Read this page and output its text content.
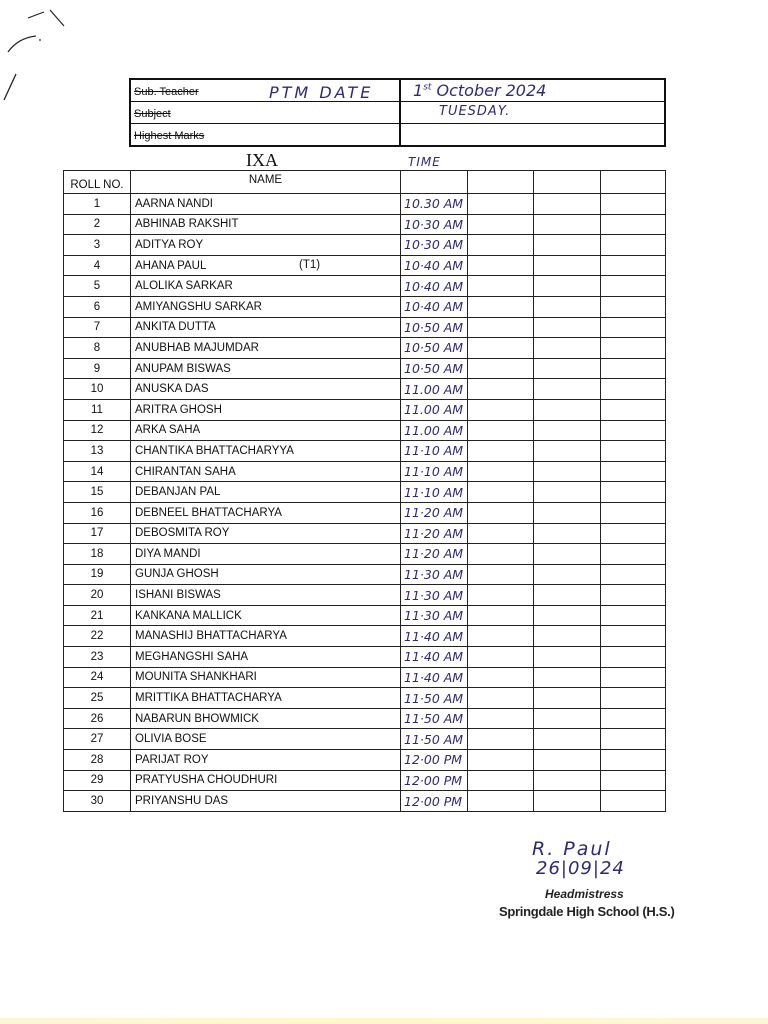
Sub. Teacher	PTM DATE 1st October 2024
Subject	TUESDAY.
Highest Marks
IXA	TIME
ROLL NO.	NAME				
1	AARNA NANDI	10.30 AM			
2	ABHINAB RAKSHIT	10·30 AM			
3	ADITYA ROY	10·30 AM			
4	AHANA PAUL (T1)	10·40 AM			
5	ALOLIKA SARKAR	10·40 AM			
6	AMIYANGSHU SARKAR	10·40 AM			
7	ANKITA DUTTA	10·50 AM			
8	ANUBHAB MAJUMDAR	10·50 AM			
9	ANUPAM BISWAS	10·50 AM			
10	ANUSKA DAS	11.00 AM			
11	ARITRA GHOSH	11.00 AM			
12	ARKA SAHA	11.00 AM			
13	CHANTIKA BHATTACHARYYA	11·10 AM			
14	CHIRANTAN SAHA	11·10 AM			
15	DEBANJAN PAL	11·10 AM			
16	DEBNEEL BHATTACHARYA	11·20 AM			
17	DEBOSMITA ROY	11·20 AM			
18	DIYA MANDI	11·20 AM			
19	GUNJA GHOSH	11·30 AM			
20	ISHANI BISWAS	11·30 AM			
21	KANKANA MALLICK	11·30 AM			
22	MANASHIJ BHATTACHARYA	11·40 AM			
23	MEGHANGSHI SAHA	11·40 AM			
24	MOUNITA SHANKHARI	11·40 AM			
25	MRITTIKA BHATTACHARYA	11·50 AM			
26	NABARUN BHOWMICK	11·50 AM			
27	OLIVIA BOSE	11·50 AM			
28	PARIJAT ROY	12·00 PM			
29	PRATYUSHA CHOUDHURI	12·00 PM			
30	PRIYANSHU DAS	12·00 PM			
R. Paul
26|09|24
Headmistress
Springdale High School (H.S.)
